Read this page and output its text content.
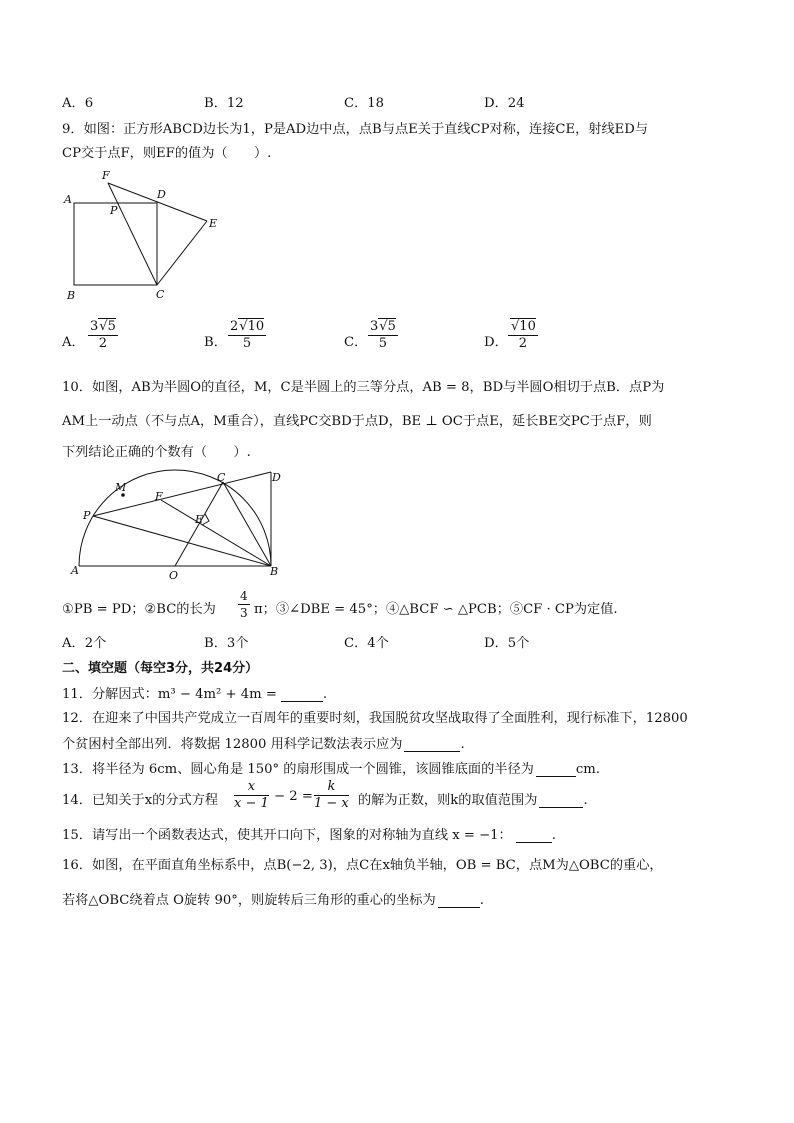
A．6	B．12	C．18	D．24
9．如图：正方形ABCD边长为1，P是AD边中点，点B与点E关于直线CP对称，连接CE，射线ED与
CP交于点F，则EF的值为（　　）.
A
B	C
D
E
F
P
A． $\frac{3√5}{2}$	B． $\frac{2√10}{5}$	C． $\frac{3√5}{5}$	D． $\frac{√10}{2}$
10．如图，AB为半圆O的直径，M，C是半圆上的三等分点，AB = 8，BD与半圆O相切于点B．点P为
AM上一动点（不与点A，M重合），直线PC交BD于点D，BE ⊥ OC于点E，延长BE交PC于点F，则
下列结论正确的个数有（　　）.
A	B
C	D
E
F
M
O
P
①PB = PD；②BC的长为 $\frac{4}{3}$ π；③∠DBE = 45°；④△BCF ∽ △PCB；⑤CF · CP为定值.
A．2个	B．3个	C．4个	D．5个
二、填空题（每空3分，共24分）
11．分解因式：m³ − 4m² + 4m =	.
12．在迎来了中国共产党成立一百周年的重要时刻，我国脱贫攻坚战取得了全面胜利，现行标准下，12800
个贫困村全部出列．将数据 12800 用科学记数法表示应为	.
13．将半径为 6cm、圆心角是 150° 的扇形围成一个圆锥，该圆锥底面的半径为	cm.
14．已知关于x的分式方程 $\frac{x}{x - 1} - 2 = \frac{k}{1 - x}$ 的解为正数，则k的取值范围为	.
15．请写出一个函数表达式，使其开口向下，图象的对称轴为直线 x = −1：	.
16．如图，在平面直角坐标系中，点B(−2, 3)，点C在x轴负半轴，OB = BC，点M为△OBC的重心，
若将△OBC绕着点 O旋转 90°，则旋转后三角形的重心的坐标为	.
